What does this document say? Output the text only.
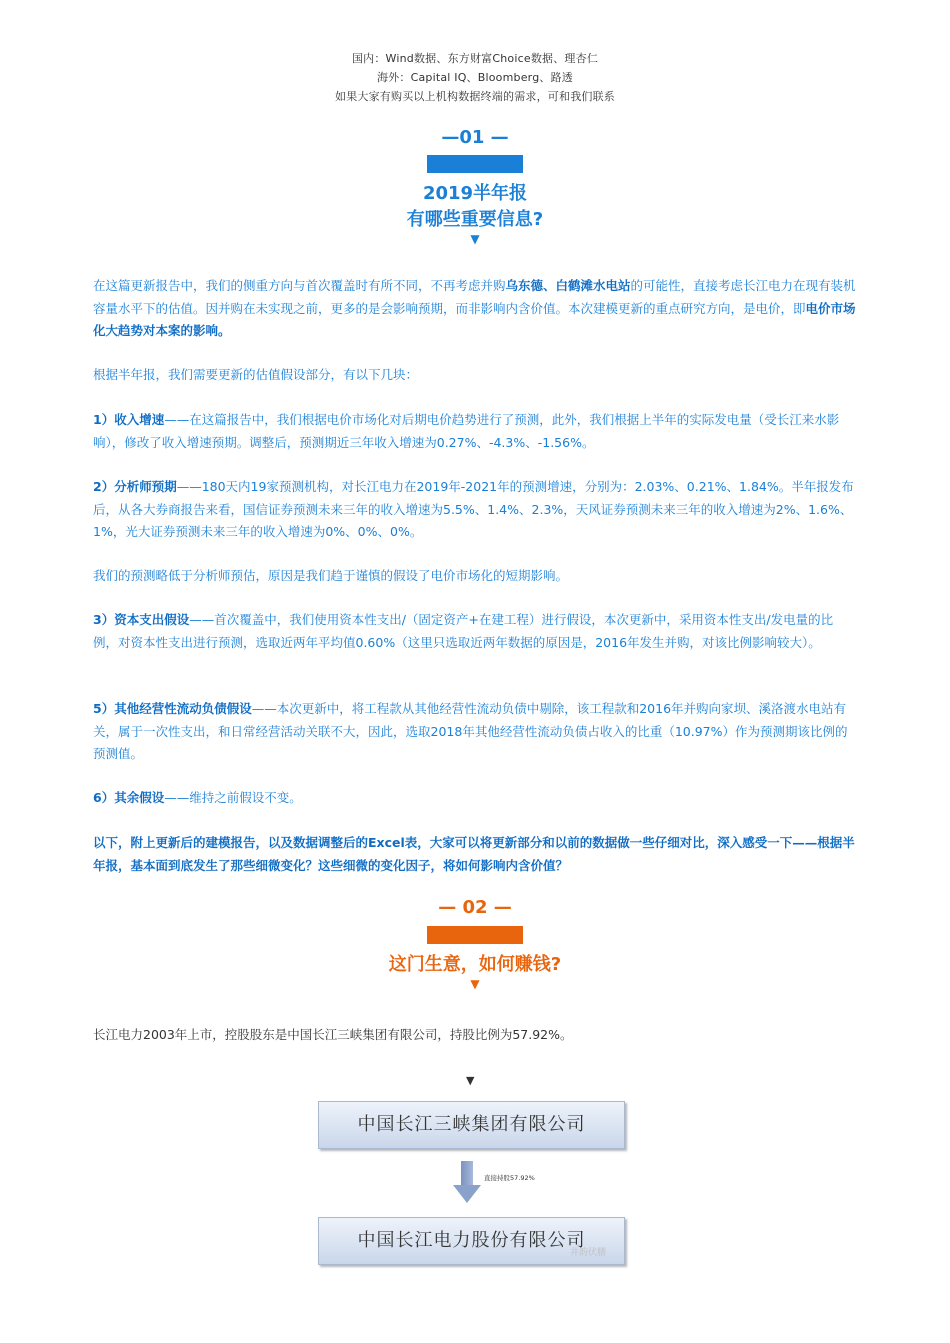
国内：Wind数据、东方财富Choice数据、理杏仁
海外：Capital IQ、Bloomberg、路透
如果大家有购买以上机构数据终端的需求，可和我们联系
—01 —
2019半年报
有哪些重要信息?
▼
在这篇更新报告中，我们的侧重方向与首次覆盖时有所不同，不再考虑并购乌东德、白鹤滩水电站的可能性，直接考虑长江电力在现有装机容量水平下的估值。因并购在未实现之前，更多的是会影响预期，而非影响内含价值。本次建模更新的重点研究方向，是电价，即电价市场化大趋势对本案的影响。
根据半年报，我们需要更新的估值假设部分，有以下几块：
1）收入增速——在这篇报告中，我们根据电价市场化对后期电价趋势进行了预测，此外，我们根据上半年的实际发电量（受长江来水影响），修改了收入增速预期。调整后，预测期近三年收入增速为0.27%、-4.3%、-1.56%。
2）分析师预期——180天内19家预测机构，对长江电力在2019年-2021年的预测增速，分别为：2.03%、0.21%、1.84%。半年报发布后，从各大券商报告来看，国信证券预测未来三年的收入增速为5.5%、1.4%、2.3%，天风证券预测未来三年的收入增速为2%、1.6%、1%，光大证券预测未来三年的收入增速为0%、0%、0%。
我们的预测略低于分析师预估，原因是我们趋于谨慎的假设了电价市场化的短期影响。
3）资本支出假设——首次覆盖中，我们使用资本性支出/（固定资产+在建工程）进行假设，本次更新中，采用资本性支出/发电量的比例，对资本性支出进行预测，选取近两年平均值0.60%（这里只选取近两年数据的原因是，2016年发生并购，对该比例影响较大）。
5）其他经营性流动负债假设——本次更新中，将工程款从其他经营性流动负债中剔除，该工程款和2016年并购向家坝、溪洛渡水电站有关，属于一次性支出，和日常经营活动关联不大，因此，选取2018年其他经营性流动负债占收入的比重（10.97%）作为预测期该比例的预测值。
6）其余假设——维持之前假设不变。
以下，附上更新后的建模报告，以及数据调整后的Excel表，大家可以将更新部分和以前的数据做一些仔细对比，深入感受一下——根据半年报，基本面到底发生了那些细微变化？这些细微的变化因子，将如何影响内含价值？
— 02 —
这门生意，如何赚钱?
▼
长江电力2003年上市，控股股东是中国长江三峡集团有限公司，持股比例为57.92%。
▼
中国长江三峡集团有限公司
直接持股57.92%
中国长江电力股份有限公司
井韵伏膳
